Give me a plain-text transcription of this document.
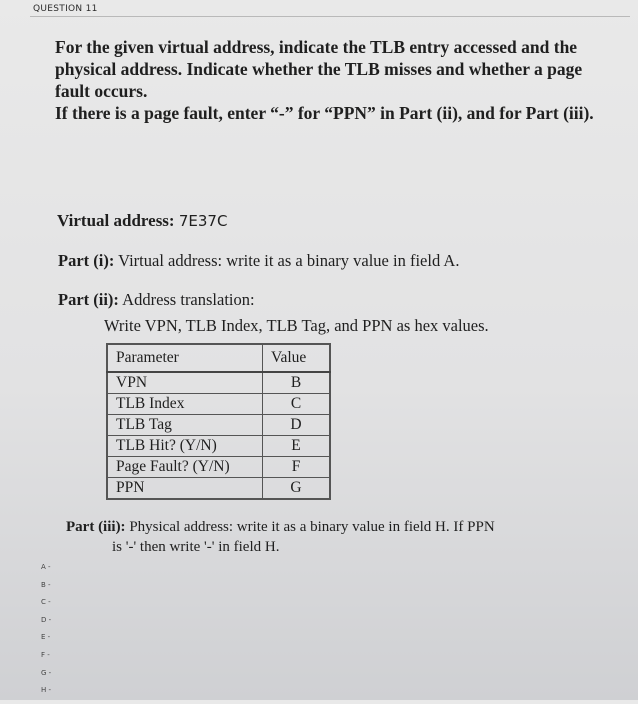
QUESTION 11

For the given virtual address, indicate the TLB entry accessed and the physical address. Indicate whether the TLB misses and whether a page fault occurs.

If there is a page fault, enter “-” for “PPN” in Part (ii), and for Part (iii).

Virtual address: 7E37C
Part (i): Virtual address: write it as a binary value in field A.
Part (ii): Address translation:
Write VPN, TLB Index, TLB Tag, and PPN as hex values.
Parameter	Value
VPN	B
TLB Index	C
TLB Tag	D
TLB Hit? (Y/N)	E
Page Fault? (Y/N)	F
PPN	G
Part (iii): Physical address: write it as a binary value in field H. If PPN
is '-' then write '-' in field H.
A -
B -
C -
D -
E -
F -
G -
H -
